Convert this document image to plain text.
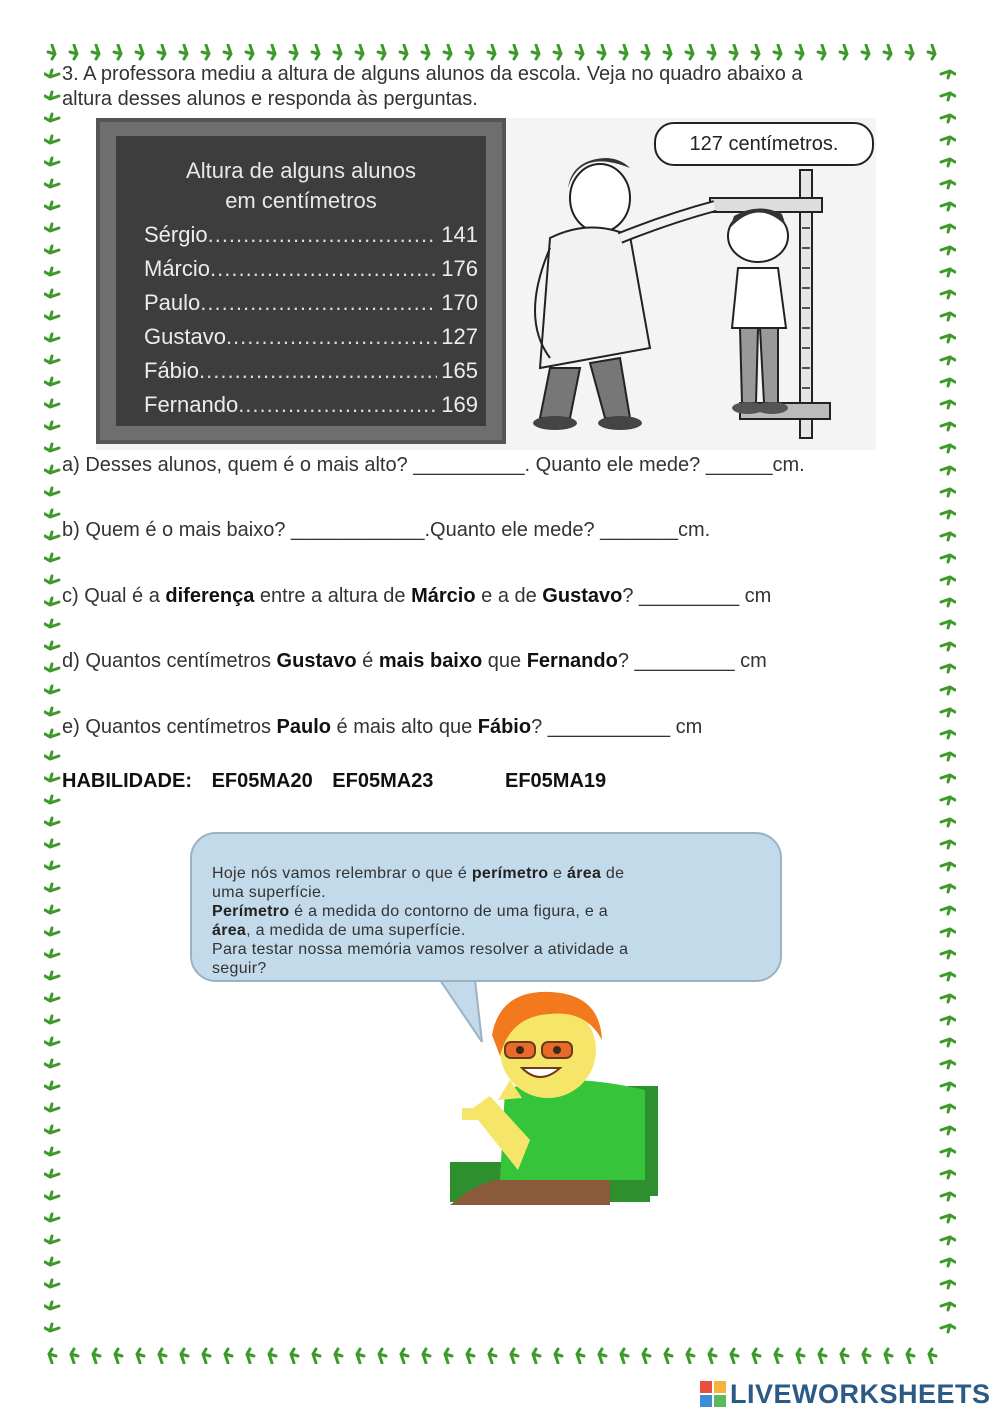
3. A professora mediu a altura de alguns alunos da escola. Veja no quadro abaixo a
altura desses alunos e responda às perguntas.
Altura de alguns alunos
em centímetros
Sérgio .....	141
Márcio .....	176
Paulo .....	170
Gustavo .....	127
Fábio .....	165
Fernando .....	169
127 centímetros.
a) Desses alunos, quem é o mais alto? __________. Quanto ele mede? ______cm.
b) Quem é o mais baixo? ____________.Quanto ele mede? _______cm.
c) Qual é a diferença entre a altura de Márcio e a de Gustavo? _________ cm
d) Quantos centímetros Gustavo é mais baixo que Fernando? _________ cm
e) Quantos centímetros Paulo é mais alto que Fábio? ___________ cm
HABILIDADE: EF05MA20 EF05MA23	EF05MA19
Hoje nós vamos relembrar o que é perímetro e área de
uma superfície.
Perímetro é a medida do contorno de uma figura, e a
área, a medida de uma superfície.
Para testar nossa memória vamos resolver a atividade a
seguir?
LIVEWORKSHEETS
